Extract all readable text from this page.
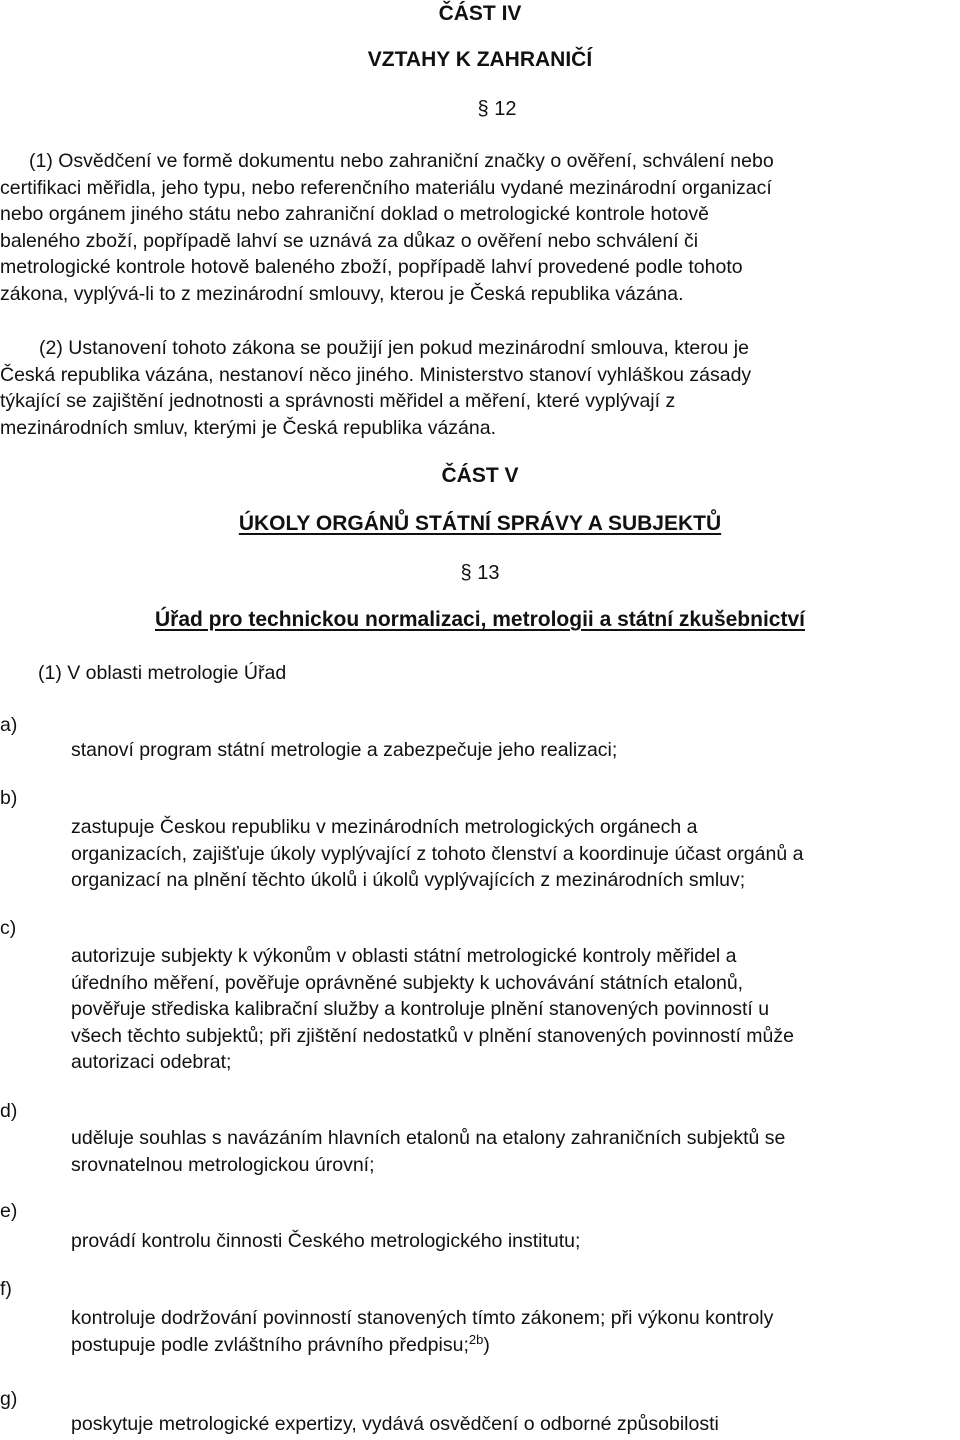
ČÁST IV
VZTAHY K ZAHRANIČÍ
§ 12
(1) Osvědčení ve formě dokumentu nebo zahraniční značky o ověření, schválení nebo
certifikaci měřidla, jeho typu, nebo referenčního materiálu vydané mezinárodní organizací
nebo orgánem jiného státu nebo zahraniční doklad o metrologické kontrole hotově
baleného zboží, popřípadě lahví se uznává za důkaz o ověření nebo schválení či
metrologické kontrole hotově baleného zboží, popřípadě lahví provedené podle tohoto
zákona, vyplývá-li to z mezinárodní smlouvy, kterou je Česká republika vázána.
(2) Ustanovení tohoto zákona se použijí jen pokud mezinárodní smlouva, kterou je
Česká republika vázána, nestanoví něco jiného. Ministerstvo stanoví vyhláškou zásady
týkající se zajištění jednotnosti a správnosti měřidel a měření, které vyplývají z
mezinárodních smluv, kterými je Česká republika vázána.
ČÁST V
ÚKOLY ORGÁNŮ STÁTNÍ SPRÁVY A SUBJEKTŮ
§ 13
Úřad pro technickou normalizaci, metrologii a státní zkušebnictví
(1) V oblasti metrologie Úřad
a)
b)
c)
d)
e)
f)
g)
stanoví program státní metrologie a zabezpečuje jeho realizaci;
zastupuje Českou republiku v mezinárodních metrologických orgánech a
organizacích, zajišťuje úkoly vyplývající z tohoto členství a koordinuje účast orgánů a
organizací na plnění těchto úkolů i úkolů vyplývajících z mezinárodních smluv;
autorizuje subjekty k výkonům v oblasti státní metrologické kontroly měřidel a
úředního měření, pověřuje oprávněné subjekty k uchovávání státních etalonů,
pověřuje střediska kalibrační služby a kontroluje plnění stanovených povinností u
všech těchto subjektů; při zjištění nedostatků v plnění stanovených povinností může
autorizaci odebrat;
uděluje souhlas s navázáním hlavních etalonů na etalony zahraničních subjektů se
srovnatelnou metrologickou úrovní;
provádí kontrolu činnosti Českého metrologického institutu;
kontroluje dodržování povinností stanovených tímto zákonem; při výkonu kontroly
postupuje podle zvláštního právního předpisu;$^{2b}$)
poskytuje metrologické expertizy, vydává osvědčení o odborné způsobilosti
